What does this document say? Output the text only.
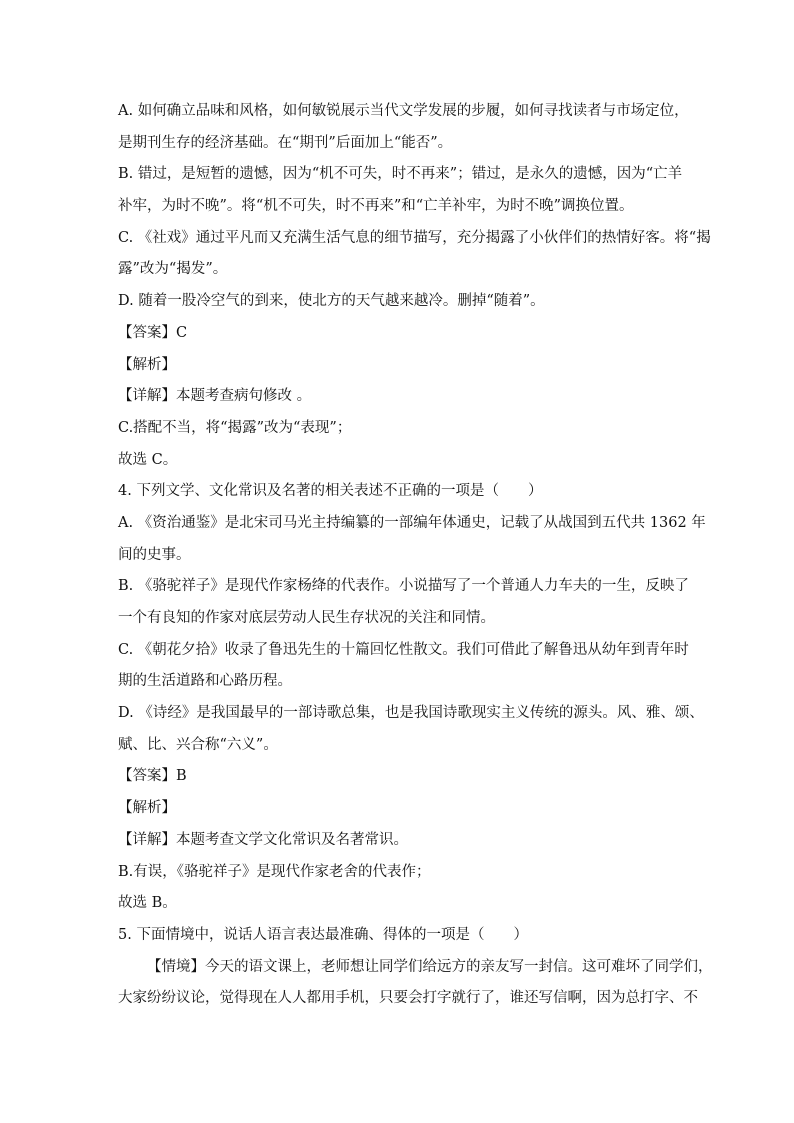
A. 如何确立品味和风格，如何敏锐展示当代文学发展的步履，如何寻找读者与市场定位，
是期刊生存的经济基础。在“期刊”后面加上“能否”。
B. 错过，是短暂的遗憾，因为“机不可失，时不再来”；错过，是永久的遗憾，因为“亡羊
补牢，为时不晚”。将“机不可失，时不再来”和“亡羊补牢，为时不晚”调换位置。
C. 《社戏》通过平凡而又充满生活气息的细节描写，充分揭露了小伙伴们的热情好客。将“揭
露”改为“揭发”。
D. 随着一股冷空气的到来，使北方的天气越来越冷。删掉“随着”。
【答案】C
【解析】
【详解】本题考查病句修改 。
C.搭配不当，将“揭露”改为“表现”；
故选 C。
4. 下列文学、文化常识及名著的相关表述不正确的一项是（　　）
A. 《资治通鉴》是北宋司马光主持编纂的一部编年体通史，记载了从战国到五代共 1362 年
间的史事。
B. 《骆驼祥子》是现代作家杨绛的代表作。小说描写了一个普通人力车夫的一生，反映了
一个有良知的作家对底层劳动人民生存状况的关注和同情。
C. 《朝花夕拾》收录了鲁迅先生的十篇回忆性散文。我们可借此了解鲁迅从幼年到青年时
期的生活道路和心路历程。
D. 《诗经》是我国最早的一部诗歌总集，也是我国诗歌现实主义传统的源头。风、雅、颂、
赋、比、兴合称“六义”。
【答案】B
【解析】
【详解】本题考查文学文化常识及名著常识。
B.有误，《骆驼祥子》是现代作家老舍的代表作；
故选 B。
5. 下面情境中，说话人语言表达最准确、得体的一项是（　　）
【情境】今天的语文课上，老师想让同学们给远方的亲友写一封信。这可难坏了同学们，
大家纷纷议论，觉得现在人人都用手机，只要会打字就行了，谁还写信啊，因为总打字、不
